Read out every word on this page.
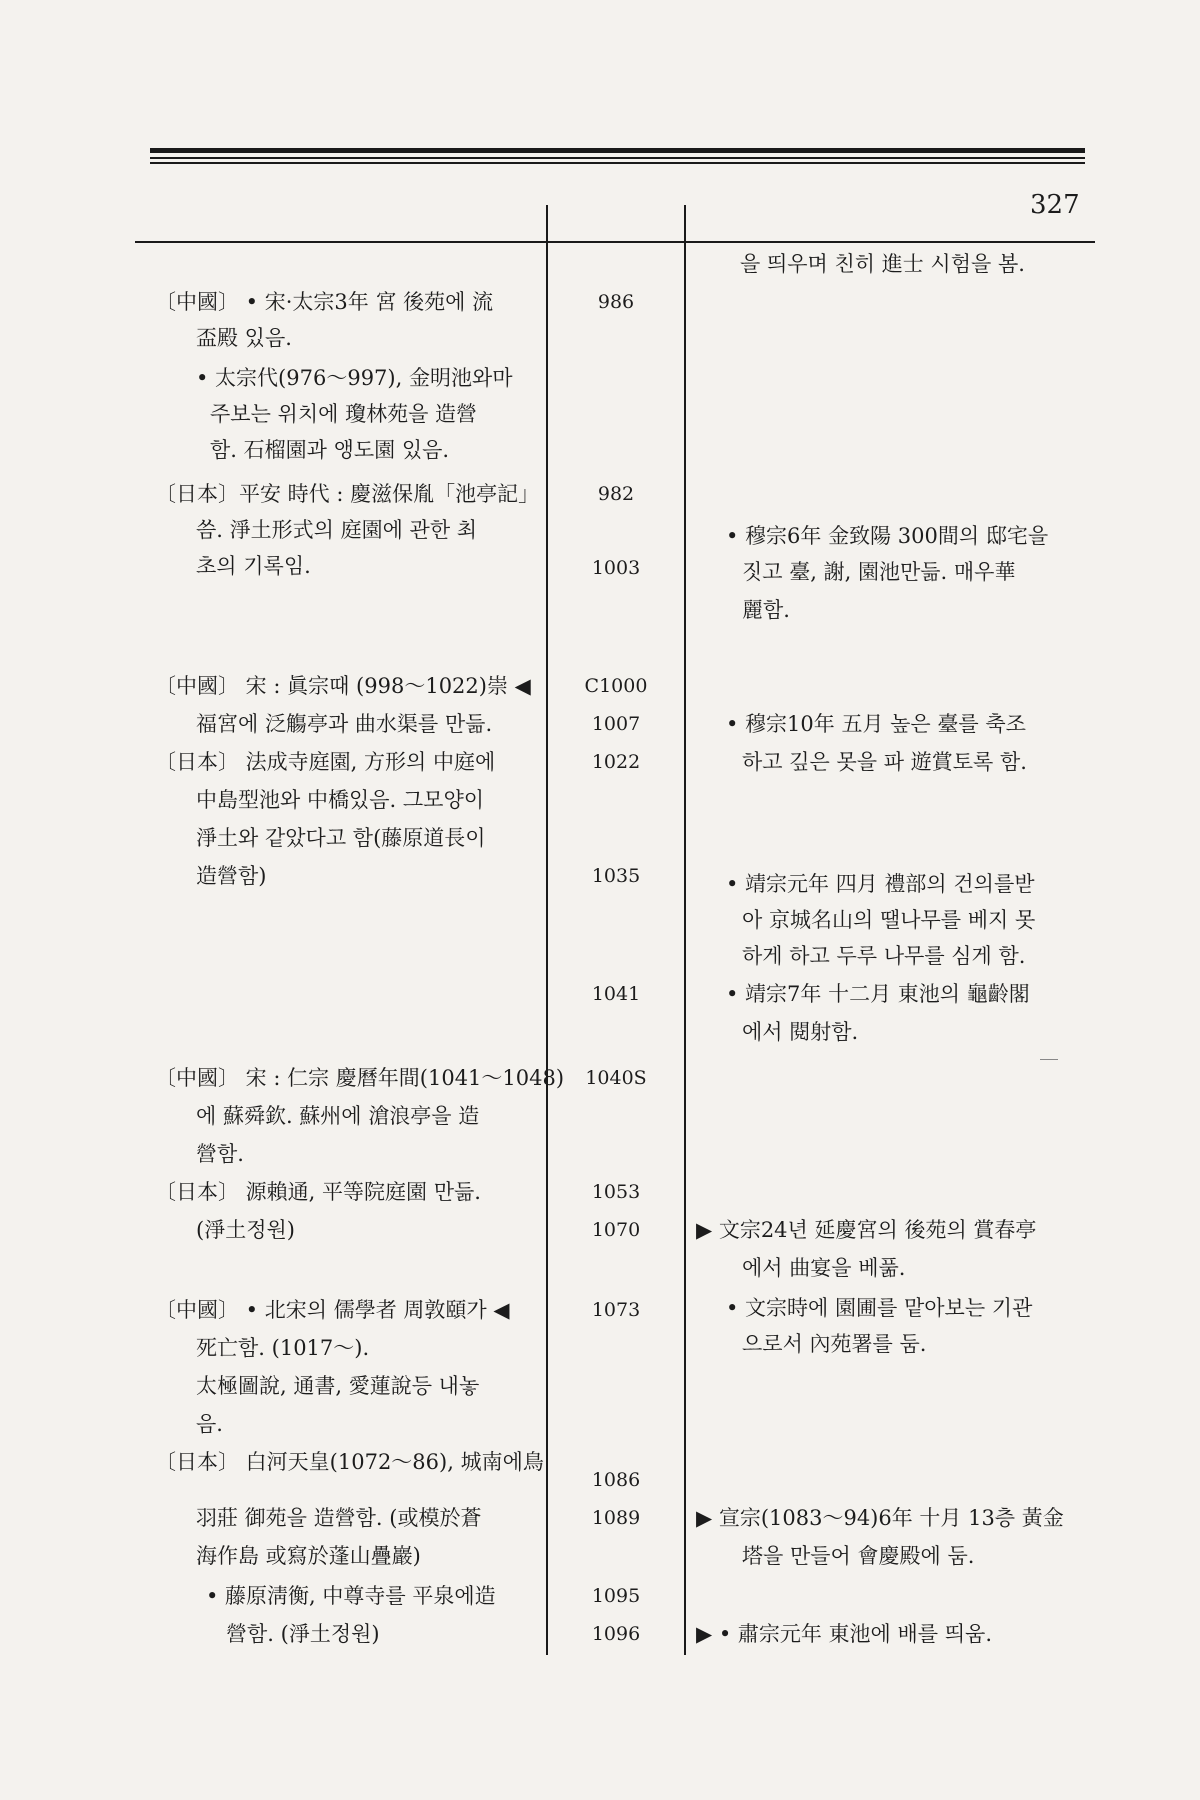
327
〔中國〕 • 宋·太宗3年 宮 後苑에 流
盃殿 있음.
• 太宗代(976～997), 金明池와마
주보는 위치에 瓊林苑을 造營
함. 石榴園과 앵도園 있음.
〔日本〕平安 時代 : 慶滋保胤「池亭記」
씀. 淨土形式의 庭園에 관한 최
초의 기록임.
〔中國〕 宋 : 眞宗때 (998～1022)崇 ◀
福宮에 泛觴亭과 曲水渠를 만듦.
〔日本〕 法成寺庭園, 方形의 中庭에
中島型池와 中橋있음. 그모양이
淨土와 같았다고 함(藤原道長이
造營함)
〔中國〕 宋 : 仁宗 慶曆年間(1041～1048)
에 蘇舜欽. 蘇州에 滄浪亭을 造
營함.
〔日本〕 源賴通, 平等院庭園 만듦.
(淨土정원)
〔中國〕 • 北宋의 儒學者 周敦頤가 ◀
死亡함. (1017～).
太極圖說, 通書, 愛蓮說등 내놓
음.
〔日本〕 白河天皇(1072～86), 城南에鳥
羽莊 御苑을 造營함. (或模於蒼
海作島 或寫於蓬山疊巖)
• 藤原淸衡, 中尊寺를 平泉에造
營함. (淨土정원)
986
982
1003
C1000
1007
1022
1035
1041
1040S
1053
1070
1073
1086
1089
1095
1096
을 띄우며 친히 進士 시험을 봄.
• 穆宗6年 金致陽 300間의 邸宅을
짓고 臺, 謝, 園池만듦. 매우華
麗함.
• 穆宗10年 五月 높은 臺를 축조
하고 깊은 못을 파 遊賞토록 함.
• 靖宗元年 四月 禮部의 건의를받
아 京城名山의 땔나무를 베지 못
하게 하고 두루 나무를 심게 함.
• 靖宗7年 十二月 東池의 龜齡閣
에서 閱射함.
▶ 文宗24년 延慶宮의 後苑의 賞春亭
에서 曲宴을 베풂.
• 文宗時에 園圃를 맡아보는 기관
으로서 內苑署를 둠.
▶ 宣宗(1083～94)6年 十月 13층 黃金
塔을 만들어 會慶殿에 둠.
▶ • 肅宗元年 東池에 배를 띄움.
